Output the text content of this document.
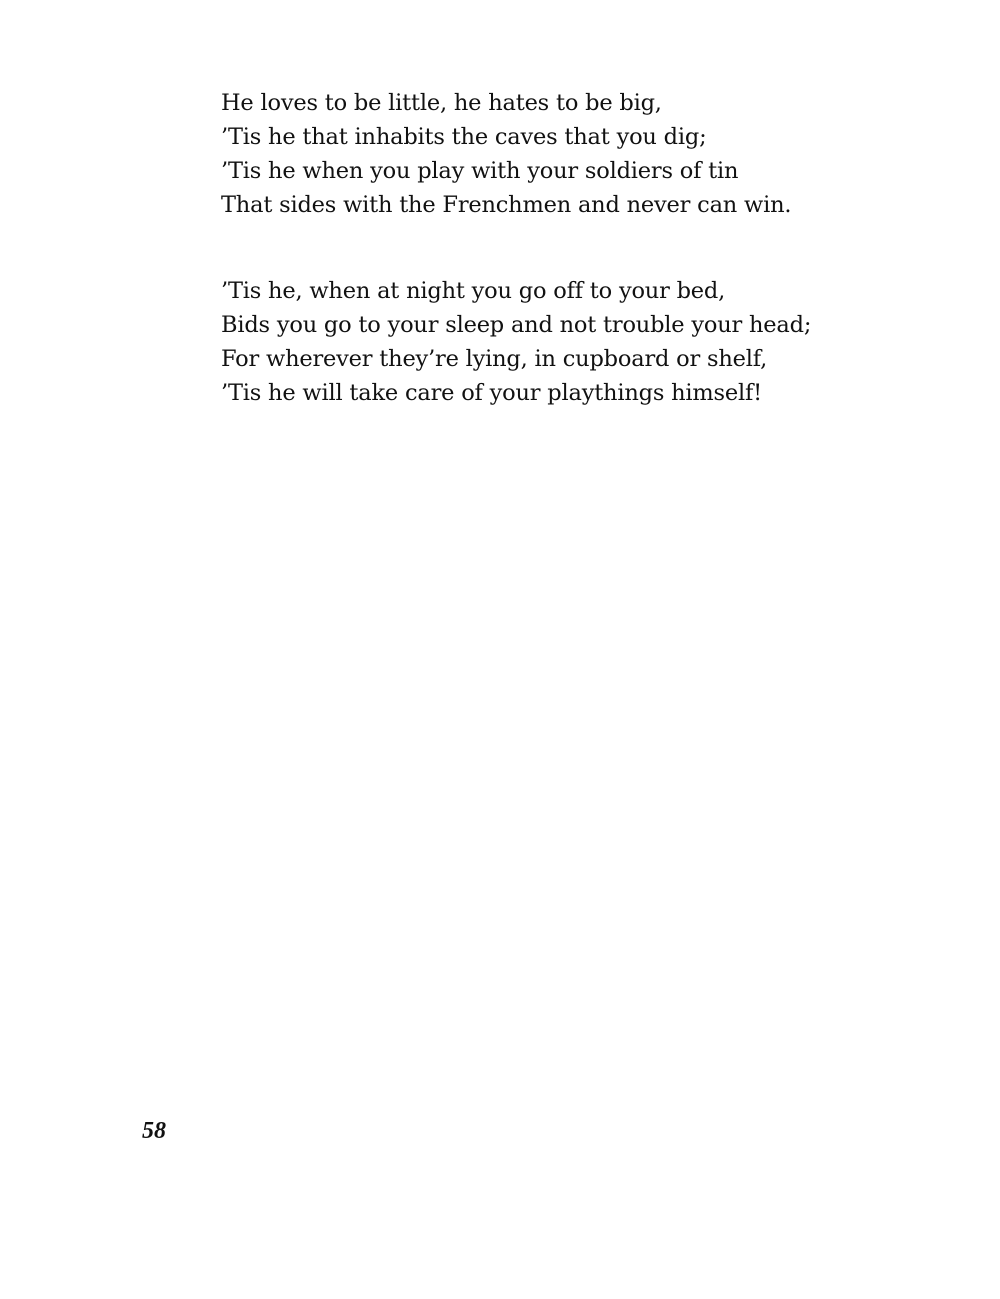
He loves to be little, he hates to be big,
’Tis he that inhabits the caves that you dig;
’Tis he when you play with your soldiers of tin
That sides with the Frenchmen and never can win.
’Tis he, when at night you go off to your bed,
Bids you go to your sleep and not trouble your head;
For wherever they’re lying, in cupboard or shelf,
’Tis he will take care of your playthings himself!
58
